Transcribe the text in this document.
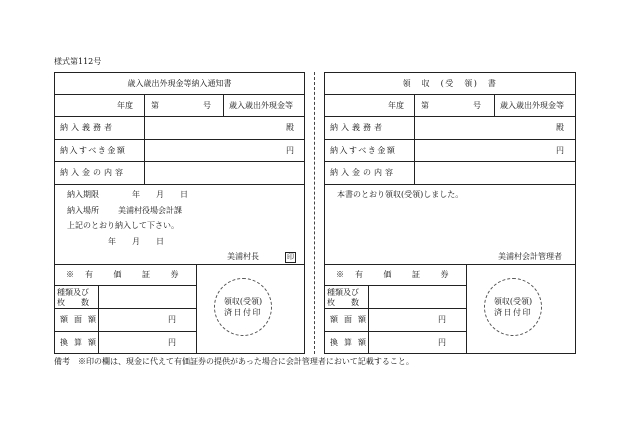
様式第112号
歳入歳出外現金等納入通知書
年度 第	号 歳入歳出外現金等
納入義務者	殿
納入すべき金額	円
納入金の内容
納入期限	年　　月　　日
納入場所 美浦村役場会計課
上記のとおり納入して下さい。
年　　月　　日
美浦村長	印
※　有　　価　　証　　券
種類及び
枚　　数
額面額	円
換算額	円
領収(受領)
済日付印
領　収　(受　領)　書
年度 第	号 歳入歳出外現金等
納入義務者	殿
納入すべき金額	円
納入金の内容
本書のとおり領収(受領)しました。
美浦村会計管理者
※　有　　価　　証　　券
種類及び
枚　　数
額面額	円
換算額	円
領収(受領)
済日付印
備考　※印の欄は、現金に代えて有価証券の提供があった場合に会計管理者において記載すること。
